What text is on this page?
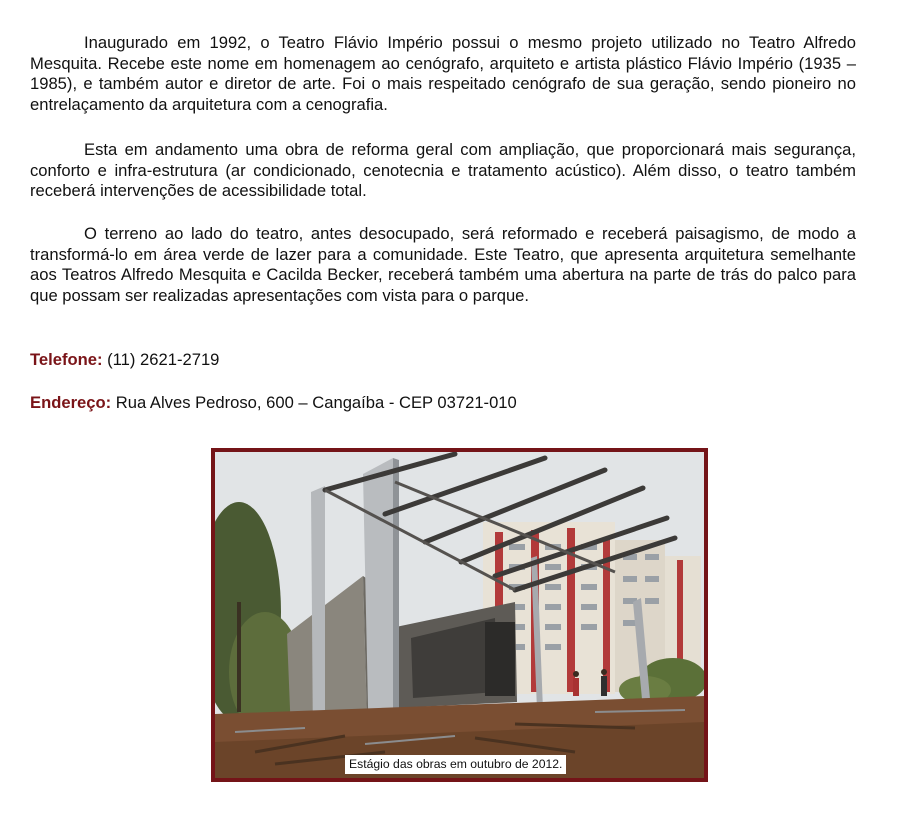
Inaugurado em 1992, o Teatro Flávio Império possui o mesmo projeto utilizado no Teatro Alfredo Mesquita. Recebe este nome em homenagem ao cenógrafo, arquiteto e artista plástico Flávio Império (1935 – 1985), e também autor e diretor de arte. Foi o mais respeitado cenógrafo de sua geração, sendo pioneiro no entrelaçamento da arquitetura com a cenografia.

Esta em andamento uma obra de reforma geral com ampliação, que proporcionará mais segurança, conforto e infra-estrutura (ar condicionado, cenotecnia e tratamento acústico). Além disso, o teatro também receberá intervenções de acessibilidade total.

O terreno ao lado do teatro, antes desocupado, será reformado e receberá paisagismo, de modo a transformá-lo em área verde de lazer para a comunidade. Este Teatro, que apresenta arquitetura semelhante aos Teatros Alfredo Mesquita e Cacilda Becker, receberá também uma abertura na parte de trás do palco para que possam ser realizadas apresentações com vista para o parque.

Telefone: (11) 2621-2719
Endereço: Rua Alves Pedroso, 600 – Cangaíba - CEP 03721-010
Estágio das obras em outubro de 2012.
